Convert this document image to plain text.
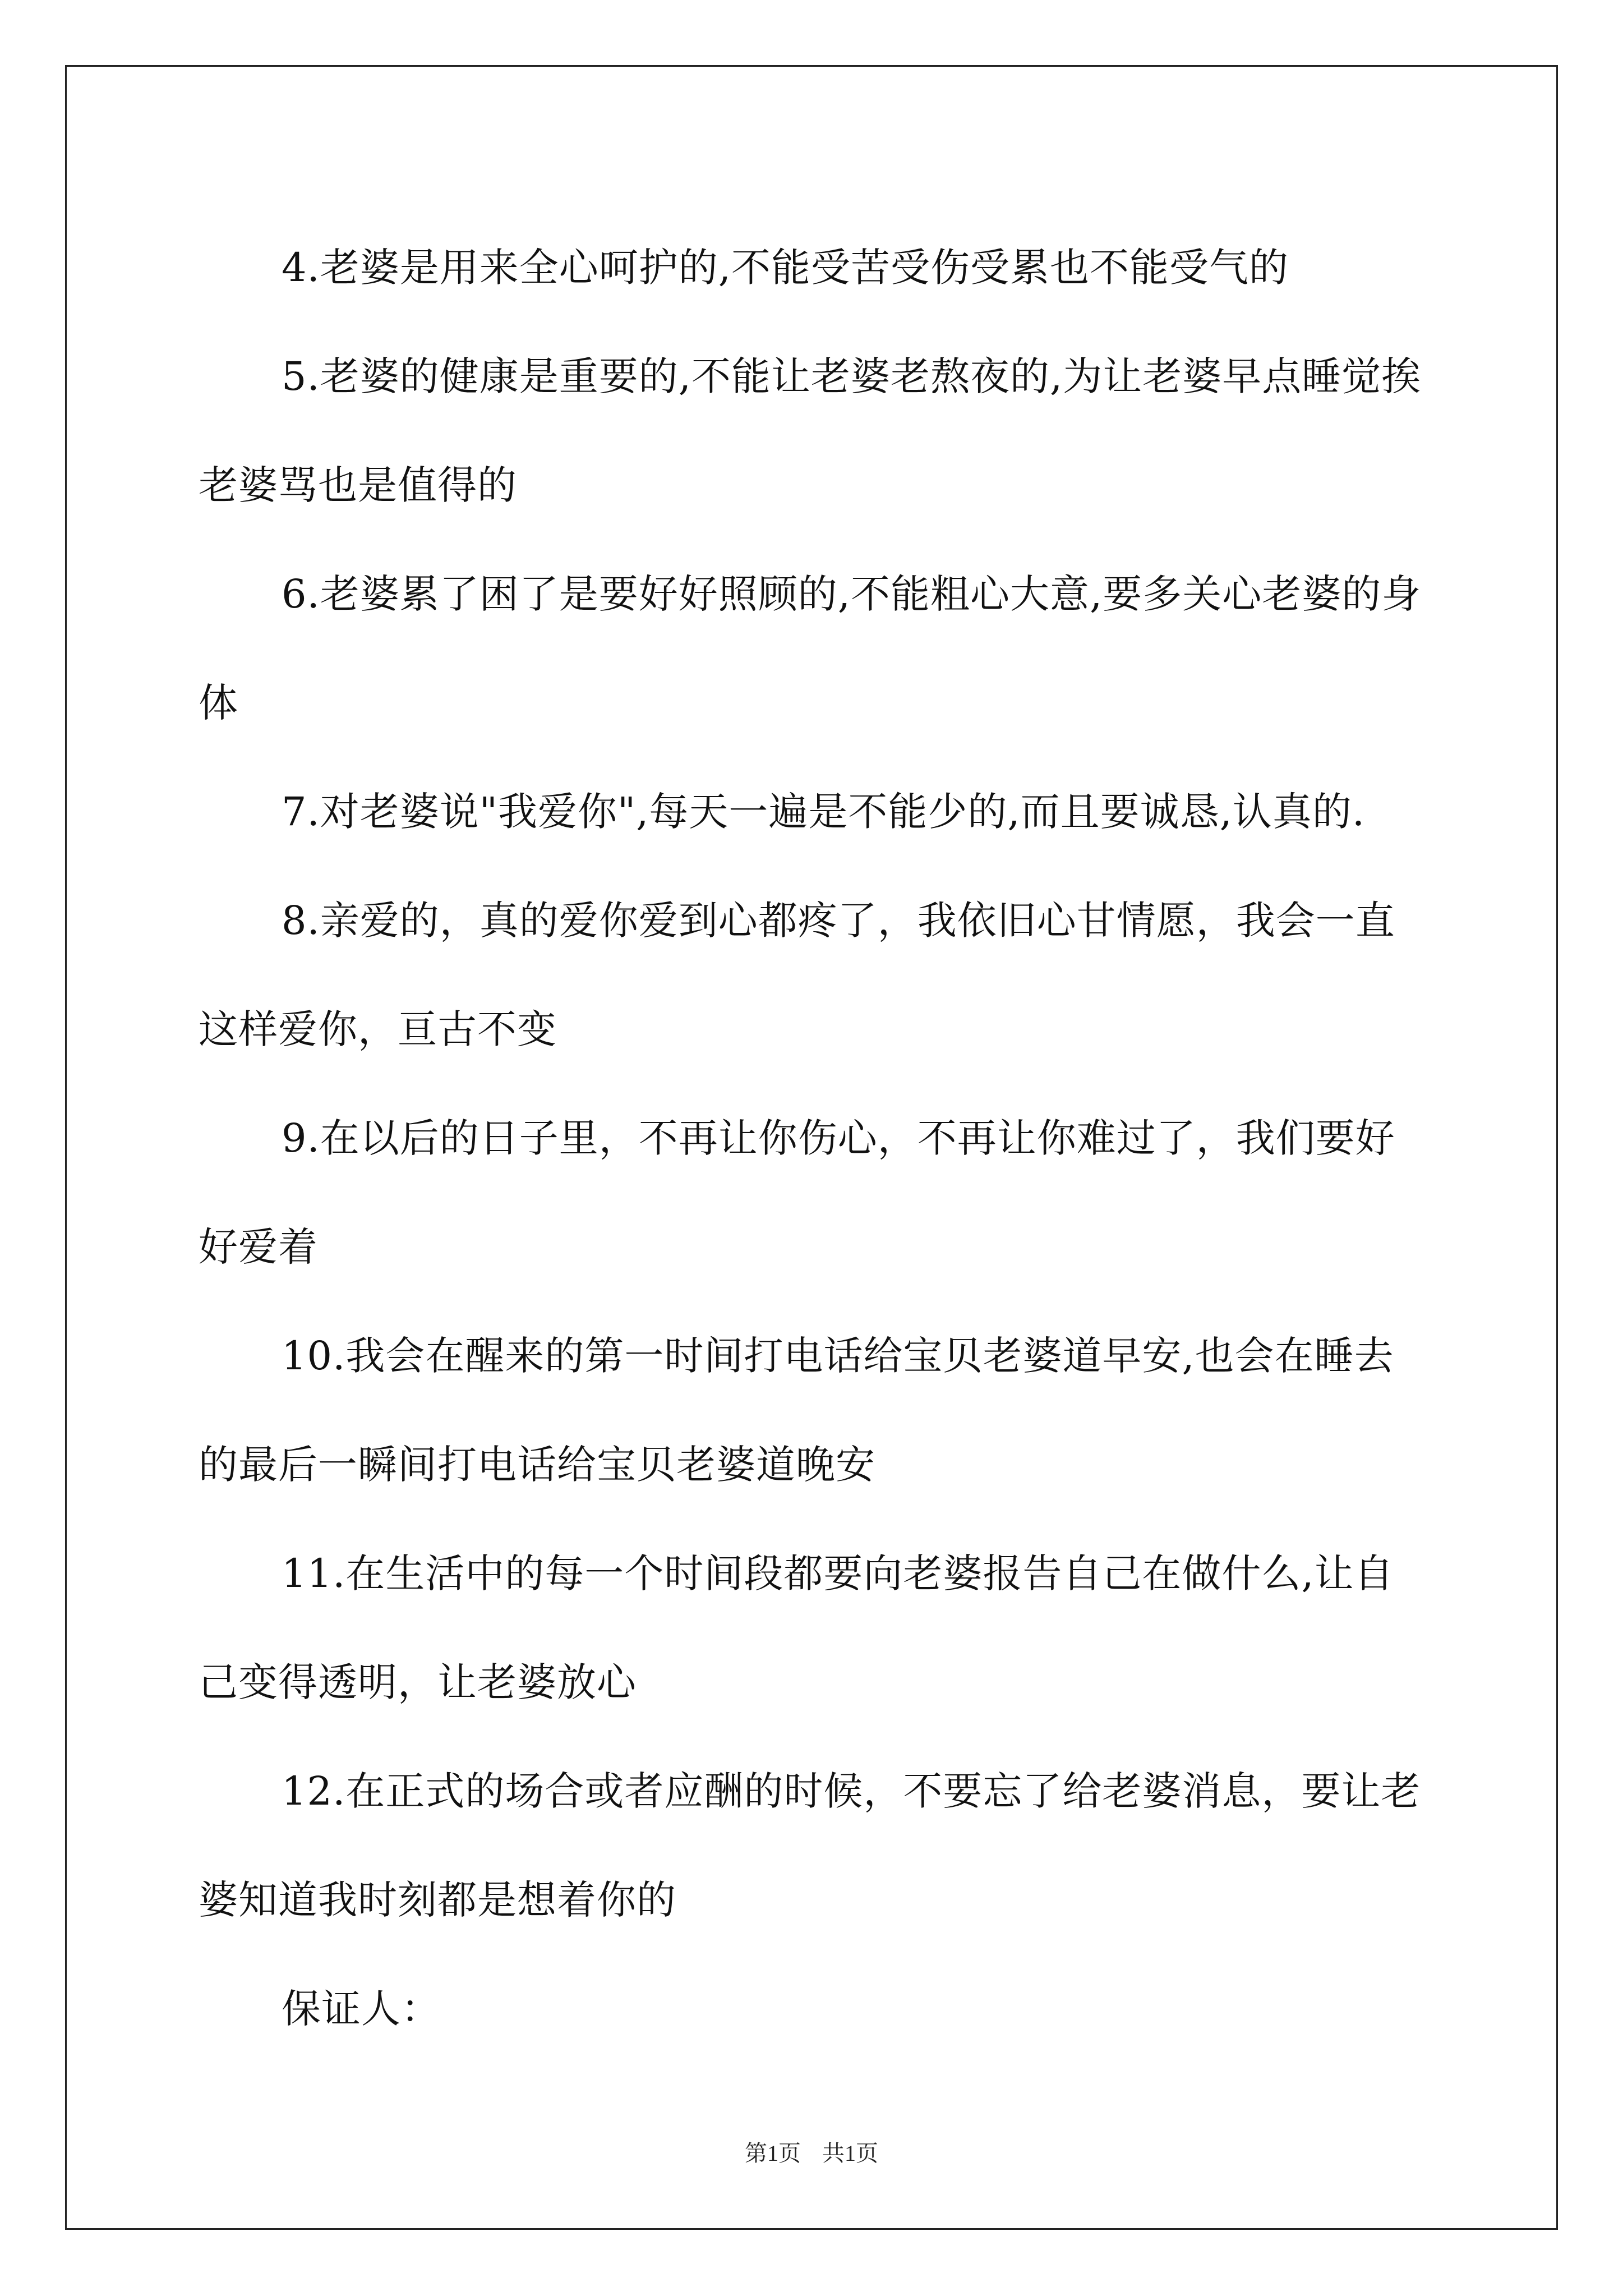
4.老婆是用来全心呵护的,不能受苦受伤受累也不能受气的

5.老婆的健康是重要的,不能让老婆老熬夜的,为让老婆早点睡觉挨老婆骂也是值得的

6.老婆累了困了是要好好照顾的,不能粗心大意,要多关心老婆的身体

7.对老婆说"我爱你",每天一遍是不能少的,而且要诚恳,认真的.

8.亲爱的，真的爱你爱到心都疼了，我依旧心甘情愿，我会一直这样爱你，亘古不变

9.在以后的日子里，不再让你伤心，不再让你难过了，我们要好好爱着

10.我会在醒来的第一时间打电话给宝贝老婆道早安,也会在睡去的最后一瞬间打电话给宝贝老婆道晚安

11.在生活中的每一个时间段都要向老婆报告自己在做什么,让自己变得透明，让老婆放心

12.在正式的场合或者应酬的时候，不要忘了给老婆消息，要让老婆知道我时刻都是想着你的

保证人：

第1页 共1页
